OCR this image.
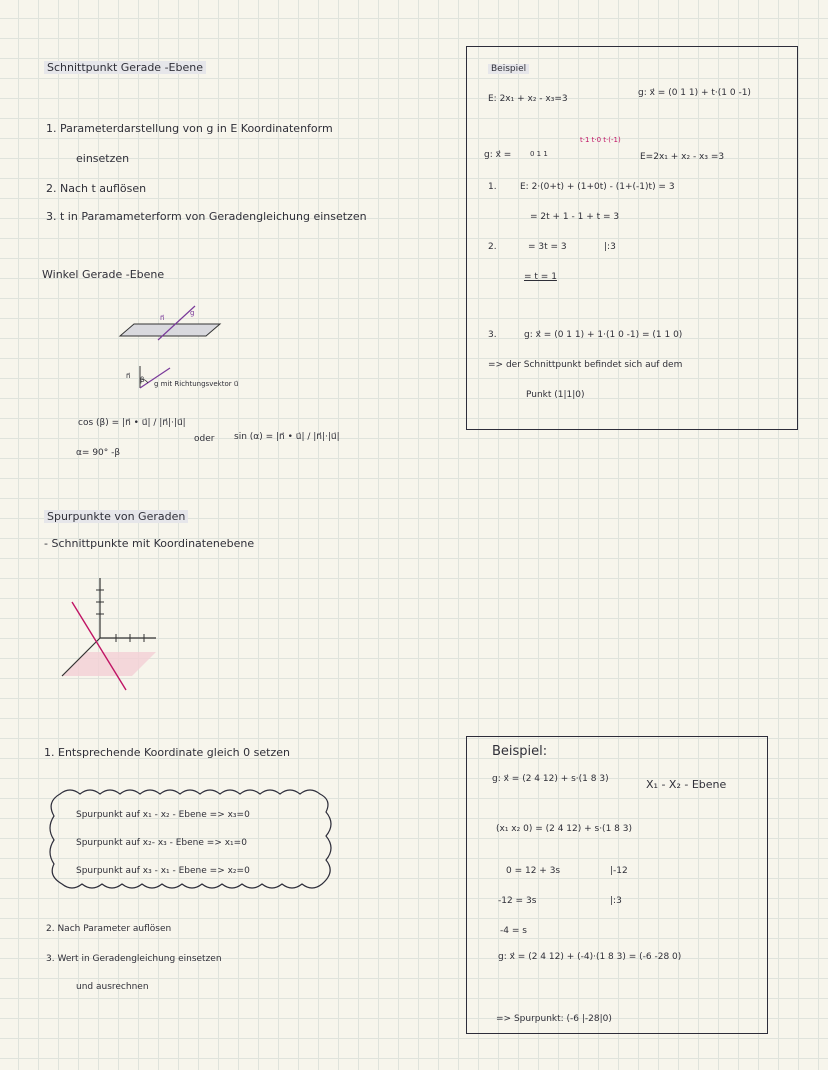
Schnittpunkt Gerade -Ebene
1. Parameterdarstellung von g in E Koordinatenform
einsetzen
2. Nach t auflösen
3. t in Paramameterform von Geradengleichung einsetzen
Winkel Gerade -Ebene
n⃗
g
n⃗ β g mit Richtungsvektor u⃗
cos (β) = |n⃗ • u⃗| / |n⃗|·|u⃗|
α= 90° -β
oder sin (α) = |n⃗ • u⃗| / |n⃗|·|u⃗|
Spurpunkte von Geraden
- Schnittpunkte mit Koordinatenebene
1. Entsprechende Koordinate gleich 0 setzen
Spurpunkt auf x₁ - x₂ - Ebene => x₃=0
Spurpunkt auf x₂- x₃ - Ebene => x₁=0
Spurpunkt auf x₃ - x₁ - Ebene => x₂=0
2. Nach Parameter auflösen
3. Wert in Geradengleichung einsetzen
und ausrechnen
Beispiel
E: 2x₁ + x₂ - x₃=3
g: x⃗ = (0 1 1) + t·(1 0 -1)
g: x⃗ =	0 1 1
t·1 t·0 t·(-1)
E=2x₁ + x₂ - x₃ =3
1.	E: 2·(0+t) + (1+0t) - (1+(-1)t) = 3
= 2t + 1 - 1 + t = 3
2.	= 3t = 3	|:3
= t = 1
3.	g: x⃗ = (0 1 1) + 1·(1 0 -1) = (1 1 0)
=> der Schnittpunkt befindet sich auf dem
Punkt (1|1|0)
Beispiel:
g: x⃗ = (2 4 12) + s·(1 8 3)	X₁ - X₂ - Ebene
(x₁ x₂ 0) = (2 4 12) + s·(1 8 3)
0 = 12 + 3s	|-12
-12 = 3s	|:3
-4 = s
g: x⃗ = (2 4 12) + (-4)·(1 8 3) = (-6 -28 0)
=> Spurpunkt: (-6 |-28|0)
